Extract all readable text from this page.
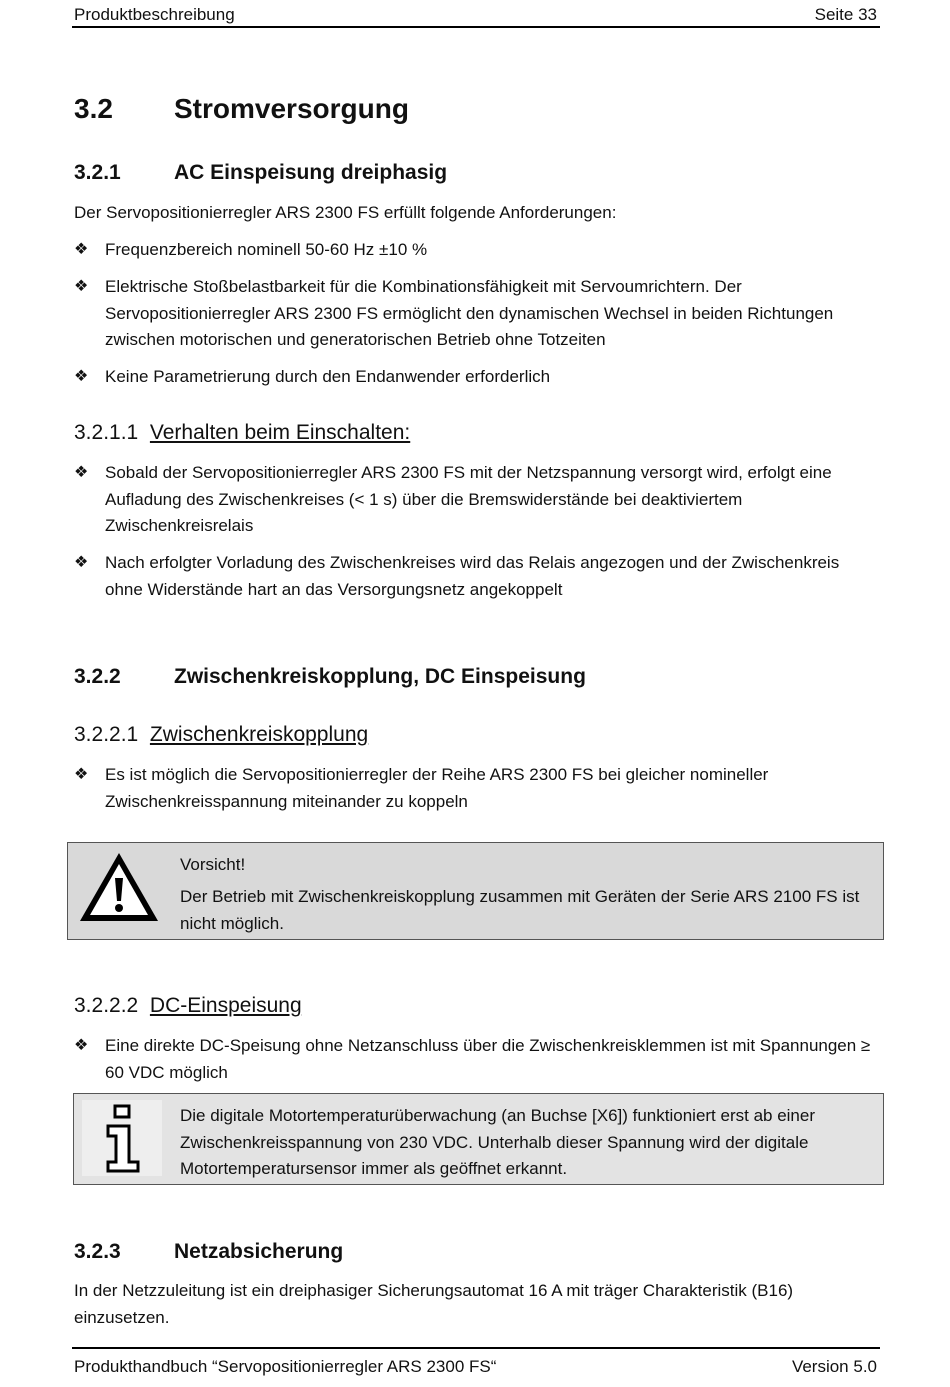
Produktbeschreibung	Seite 33
3.2 Stromversorgung
3.2.1	AC Einspeisung dreiphasig

Der Servopositionierregler ARS 2300 FS erfüllt folgende Anforderungen:

❖ Frequenzbereich nominell 50-60 Hz ±10 %
❖ Elektrische Stoßbelastbarkeit für die Kombinationsfähigkeit mit Servoumrichtern. Der Servopositionierregler ARS 2300 FS ermöglicht den dynamischen Wechsel in beiden Richtungen zwischen motorischen und generatorischen Betrieb ohne Totzeiten
❖ Keine Parametrierung durch den Endanwender erforderlich
3.2.1.1 Verhalten beim Einschalten:
❖ Sobald der Servopositionierregler ARS 2300 FS mit der Netzspannung versorgt wird, erfolgt eine Aufladung des Zwischenkreises (< 1 s) über die Bremswiderstände bei deaktiviertem Zwischenkreisrelais
❖ Nach erfolgter Vorladung des Zwischenkreises wird das Relais angezogen und der Zwischenkreis ohne Widerstände hart an das Versorgungsnetz angekoppelt
3.2.2	Zwischenkreiskopplung, DC Einspeisung
3.2.2.1 Zwischenkreiskopplung
❖ Es ist möglich die Servopositionierregler der Reihe ARS 2300 FS bei gleicher nomineller Zwischenkreisspannung miteinander zu koppeln
Vorsicht!

Der Betrieb mit Zwischenkreiskopplung zusammen mit Geräten der Serie ARS 2100 FS ist nicht möglich.

3.2.2.2 DC-Einspeisung
❖ Eine direkte DC-Speisung ohne Netzanschluss über die Zwischenkreisklemmen ist mit Spannungen ≥ 60 VDC möglich

Die digitale Motortemperaturüberwachung (an Buchse [X6]) funktioniert erst ab einer Zwischenkreisspannung von 230 VDC. Unterhalb dieser Spannung wird der digitale Motortemperatursensor immer als geöffnet erkannt.

3.2.3	Netzabsicherung

In der Netzzuleitung ist ein dreiphasiger Sicherungsautomat 16 A mit träger Charakteristik (B16) einzusetzen.

Produkthandbuch “Servopositionierregler ARS 2300 FS“	Version 5.0
